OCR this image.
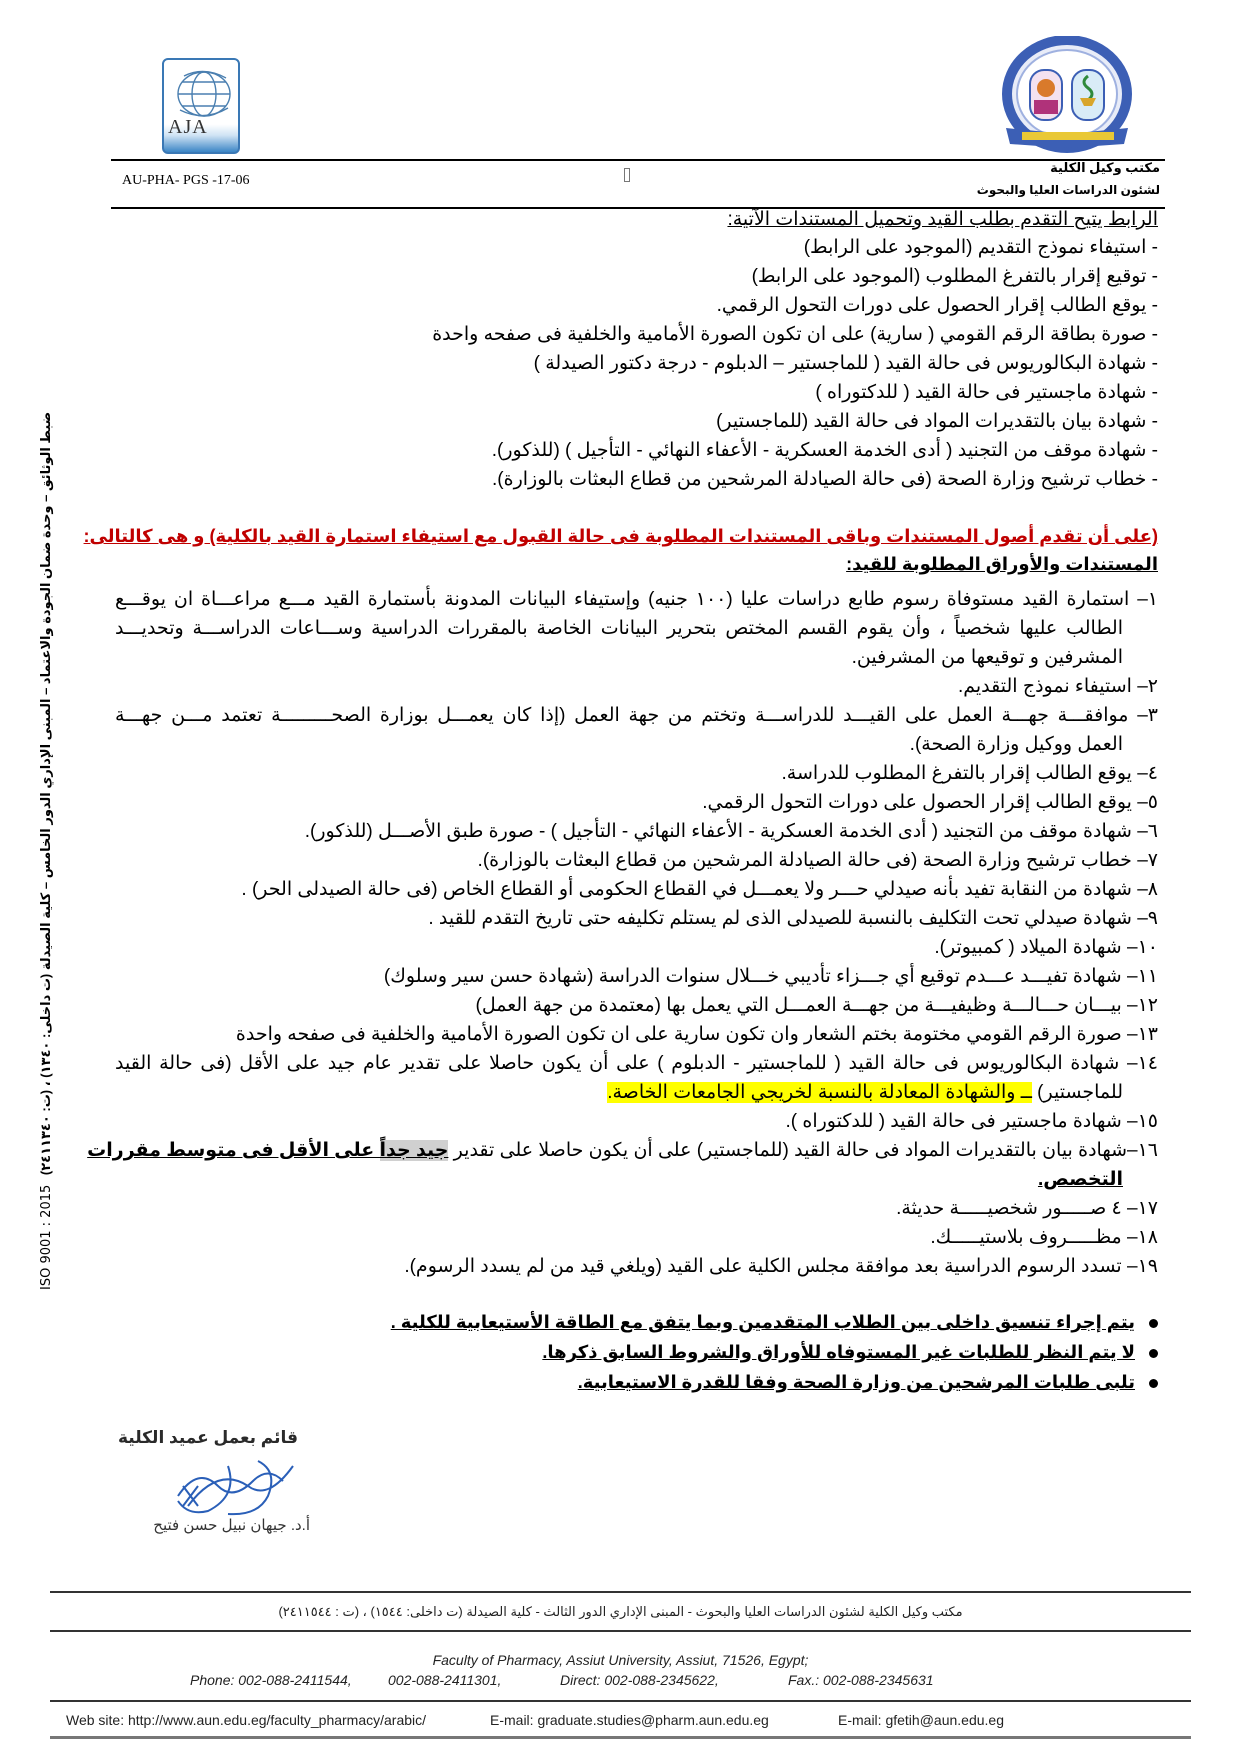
AJA
AU-PHA- PGS -17-06
مكتب وكيل الكلية
لشئون الدراسات العليا والبحوث
ISO 9001 : 2015 ضبط الوثائق – وحدة ضمان الجودة والاعتماد – المبنى الإداري الدور الخامس – كلية الصيدلة (ت داخلى: ١٣٤٠) ، (ت: ٢٤١١٣٤٠)
الرابط يتيح التقدم بطلب القيد وتحميل المستندات الآتية:
- استيفاء نموذج التقديم (الموجود على الرابط)
- توقيع إقرار بالتفرغ المطلوب (الموجود على الرابط)
- يوقع الطالب إقرار الحصول على دورات التحول الرقمي.
- صورة بطاقة الرقم القومي ( سارية) على ان تكون الصورة الأمامية والخلفية فى صفحه واحدة
- شهادة البكالوريوس فى حالة القيد ( للماجستير – الدبلوم - درجة دكتور الصيدلة )
- شهادة ماجستير فى حالة القيد ( للدكتوراه )
- شهادة بيان بالتقديرات المواد فى حالة القيد (للماجستير)
- شهادة موقف من التجنيد ( أدى الخدمة العسكرية - الأعفاء النهائي - التأجيل ) (للذكور).
- خطاب ترشيح وزارة الصحة (فى حالة الصيادلة المرشحين من قطاع البعثات بالوزارة).
(على أن تقدم أصول المستندات وباقى المستندات المطلوبة فى حالة القبول مع استيفاء استمارة القيد بالكلية) و هى كالتالى:
المستندات والأوراق المطلوبة للقيد:
١– استمارة القيد مستوفاة رسوم طابع دراسات عليا (١٠٠ جنيه) وإستيفاء البيانات المدونة بأستمارة القيد مـــع مراعـــاة ان يوقـــع
الطالب عليها شخصياً ، وأن يقوم القسم المختص بتحرير البيانات الخاصة بالمقررات الدراسية وســـاعات الدراســـة وتحديـــد
المشرفين و توقيعها من المشرفين.
٢– استيفاء نموذج التقديم.
٣– موافقـــة جهـــة العمل على القيـــد للدراســـة وتختم من جهة العمل (إذا كان يعمـــل بوزارة الصحـــــــــة تعتمد مـــن جهـــة
العمل ووكيل وزارة الصحة).
٤– يوقع الطالب إقرار بالتفرغ المطلوب للدراسة.
٥– يوقع الطالب إقرار الحصول على دورات التحول الرقمي.
٦– شهادة موقف من التجنيد ( أدى الخدمة العسكرية - الأعفاء النهائي - التأجيل ) - صورة طبق الأصـــل (للذكور).
٧– خطاب ترشيح وزارة الصحة (فى حالة الصيادلة المرشحين من قطاع البعثات بالوزارة).
٨– شهادة من النقابة تفيد بأنه صيدلي حـــر ولا يعمـــل في القطاع الحكومى أو القطاع الخاص (فى حالة الصيدلى الحر) .
٩– شهادة صيدلي تحت التكليف بالنسبة للصيدلى الذى لم يستلم تكليفه حتى تاريخ التقدم للقيد .
١٠– شهادة الميلاد ( كمبيوتر).
١١– شهادة تفيـــد عـــدم توقيع أي جـــزاء تأديبي خـــلال سنوات الدراسة (شهادة حسن سير وسلوك)
١٢– بيـــان حـــالـــة وظيفيـــة من جهـــة العمـــل التي يعمل بها (معتمدة من جهة العمل)
١٣– صورة الرقم القومي مختومة بختم الشعار وان تكون سارية على ان تكون الصورة الأمامية والخلفية فى صفحه واحدة
١٤– شهادة البكالوريوس فى حالة القيد ( للماجستير - الدبلوم ) على أن يكون حاصلا على تقدير عام جيد على الأقل (فى حالة القيد
للماجستير) ــ والشهادة المعادلة بالنسبة لخريجي الجامعات الخاصة.
١٥– شهادة ماجستير فى حالة القيد ( للدكتوراه ).
١٦–شهادة بيان بالتقديرات المواد فى حالة القيد (للماجستير) على أن يكون حاصلا على تقدير جيد جداً على الأقل فى متوسط مقررات
التخصص.
١٧– ٤ صـــــور شخصيـــــة حديثة.
١٨– مظـــــروف بلاستيـــــك.
١٩– تسدد الرسوم الدراسية بعد موافقة مجلس الكلية على القيد (ويلغي قيد من لم يسدد الرسوم).
يتم إجراء تنسيق داخلى بين الطلاب المتقدمين وبما يتفق مع الطاقة الأستيعابية للكلية .
لا يتم النظر للطلبات غير المستوفاه للأوراق والشروط السابق ذكرها.
تلبى طلبات المرشحين من وزارة الصحة وفقا للقدرة الاستيعابية.
قائم بعمل عميد الكلية
أ.د. جيهان نبيل حسن فتيح
مكتب وكيل الكلية لشئون الدراسات العليا والبحوث - المبنى الإداري الدور الثالث - كلية الصيدلة (ت داخلى: ١٥٤٤) ، (ت : ٢٤١١٥٤٤)
Faculty of Pharmacy, Assiut University, Assiut, 71526, Egypt;
Phone: 002-088-2411544,	002-088-2411301,	Direct: 002-088-2345622,	Fax.: 002-088-2345631
Web site: http://www.aun.edu.eg/faculty_pharmacy/arabic/	E-mail: graduate.studies@pharm.aun.edu.eg	E-mail: gfetih@aun.edu.eg
